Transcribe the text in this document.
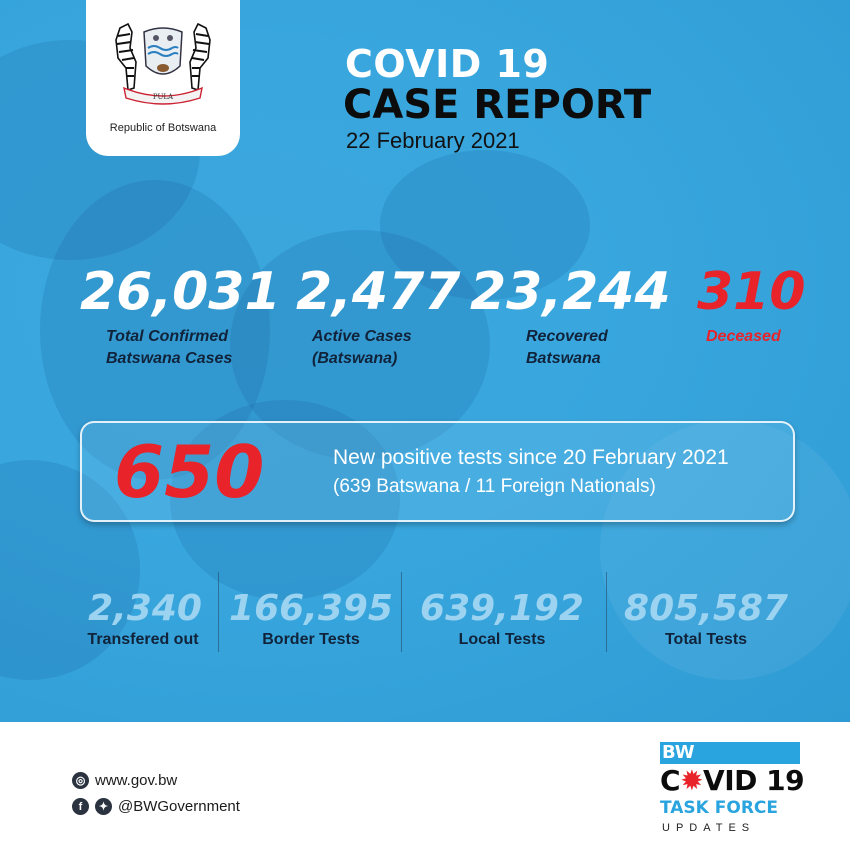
PULA
Republic of Botswana
COVID 19
CASE REPORT
22 February 2021
26,031
Total Confirmed
Batswana Cases
2,477
Active Cases
(Batswana)
23,244
Recovered
Batswana
310
Deceased
650	New positive tests since 20 February 2021
(639 Batswana / 11 Foreign Nationals)
2,340
Transfered out
166,395
Border Tests
639,192
Local Tests
805,587
Total Tests
◎ www.gov.bw
f	✦ @BWGovernment
BW
C✹VID 19
TASK FORCE
UPDATES
